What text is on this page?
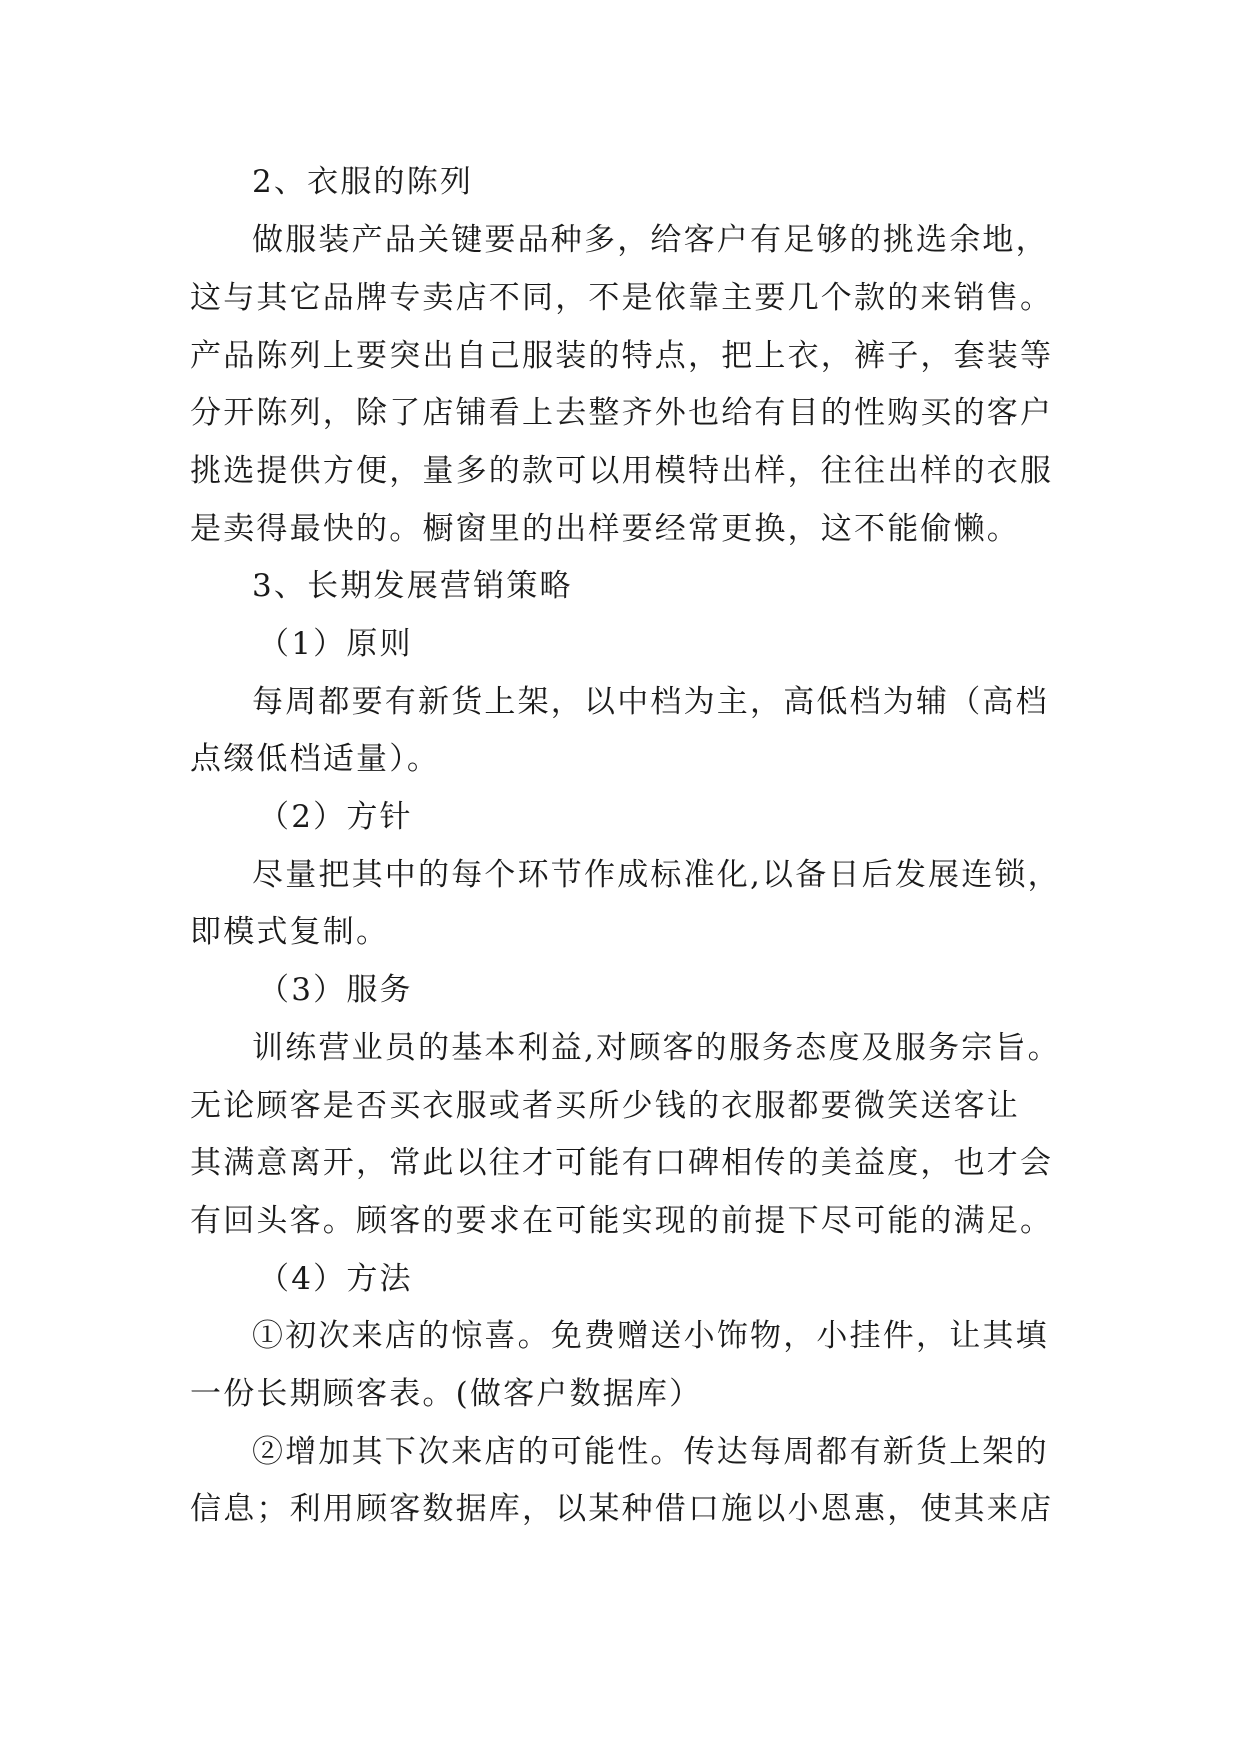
2、衣服的陈列
做服装产品关键要品种多，给客户有足够的挑选余地，
这与其它品牌专卖店不同，不是依靠主要几个款的来销售。
产品陈列上要突出自己服装的特点，把上衣，裤子，套装等
分开陈列，除了店铺看上去整齐外也给有目的性购买的客户
挑选提供方便，量多的款可以用模特出样，往往出样的衣服
是卖得最快的。橱窗里的出样要经常更换，这不能偷懒。
3、长期发展营销策略
（1）原则
每周都要有新货上架，以中档为主，高低档为辅（高档
点缀低档适量）。
（2）方针
尽量把其中的每个环节作成标准化,以备日后发展连锁，
即模式复制。
（3）服务
训练营业员的基本利益,对顾客的服务态度及服务宗旨。
无论顾客是否买衣服或者买所少钱的衣服都要微笑送客让
其满意离开，常此以往才可能有口碑相传的美益度，也才会
有回头客。顾客的要求在可能实现的前提下尽可能的满足。
（4）方法
①初次来店的惊喜。免费赠送小饰物，小挂件，让其填
一份长期顾客表。(做客户数据库）
②增加其下次来店的可能性。传达每周都有新货上架的
信息；利用顾客数据库，以某种借口施以小恩惠，使其来店
